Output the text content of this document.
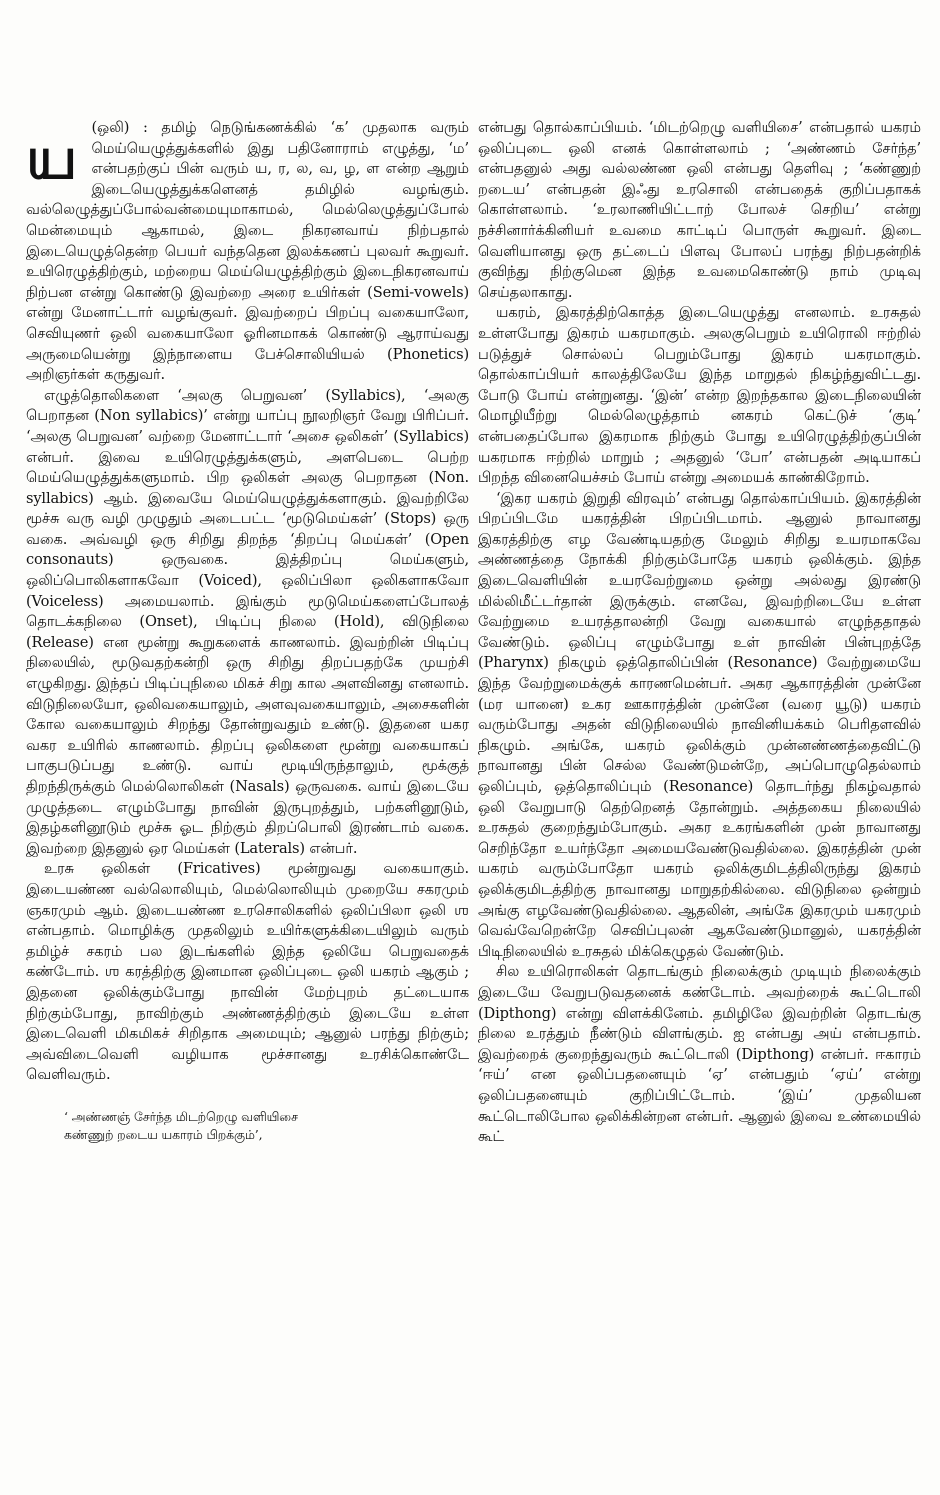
ய	(ஒலி) : தமிழ் நெடுங்கணக்கில் ‘க’ முதலாக வரும் மெய்யெழுத்துக்களில் இது பதினோராம் எழுத்து, ‘ம’ என்பதற்குப் பின் வரும் ய, ர, ல, வ, ழ, ள என்ற ஆறும் இடையெழுத்துக்களெனத் தமிழில் வழங்கும். வல்லெழுத்துப்போல்வன்மையுமாகாமல், மெல்லெழுத்துப்போல் மென்மையும் ஆகாமல், இடை நிகரனவாய் நிற்பதால் இடையெழுத்தென்ற பெயர் வந்ததென இலக்கணப் புலவர் கூறுவர். உயிரெழுத்திற்கும், மற்றைய மெய்யெழுத்திற்கும் இடைநிகரனவாய் நிற்பன என்று கொண்டு இவற்றை அரை உயிர்கள் (Semi-vowels) என்று மேனாட்டார் வழங்குவர். இவற்றைப் பிறப்பு வகையாலோ, செவியுணர் ஒலி வகையாலோ ஓரினமாகக் கொண்டு ஆராய்வது அருமையென்று இந்நாளைய பேச்சொலியியல் (Phonetics) அறிஞர்கள் கருதுவர்.

எழுத்தொலிகளை ‘அலகு பெறுவன’ (Syllabics), ‘அலகு பெறாதன (Non syllabics)’ என்று யாப்பு நூலறிஞர் வேறு பிரிப்பர். ‘அலகு பெறுவன’ வற்றை மேனாட்டார் ‘அசை ஒலிகள்’ (Syllabics) என்பர். இவை உயிரெழுத்துக்களும், அளபெடை பெற்ற மெய்யெழுத்துக்களுமாம். பிற ஒலிகள் அலகு பெறாதன (Non. syllabics) ஆம். இவையே மெய்யெழுத்துக்களாகும். இவற்றிலே மூச்சு வரு வழி முழுதும் அடைபட்ட ‘மூடுமெய்கள்’ (Stops) ஒரு வகை. அவ்வழி ஒரு சிறிது திறந்த ‘திறப்பு மெய்கள்’ (Open consonauts) ஒருவகை. இத்திறப்பு மெய்களும், ஒலிப்பொலிகளாகவோ (Voiced), ஒலிப்பிலா ஒலிகளாகவோ (Voiceless) அமையலாம். இங்கும் மூடுமெய்களைப்போலத் தொடக்கநிலை (Onset), பிடிப்பு நிலை (Hold), விடுநிலை (Release) என மூன்று கூறுகளைக் காணலாம். இவற்றின் பிடிப்பு நிலையில், மூடுவதற்கன்றி ஒரு சிறிது திறப்பதற்கே முயற்சி எழுகிறது. இந்தப் பிடிப்புநிலை மிகச் சிறு கால அளவினது எனலாம். விடுநிலையோ, ஒலிவகையாலும், அளவுவகையாலும், அசைகளின் கோல வகையாலும் சிறந்து தோன்றுவதும் உண்டு. இதனை யகர வகர உயிரில் காணலாம். திறப்பு ஒலிகளை மூன்று வகையாகப் பாகுபடுப்பது உண்டு. வாய் மூடியிருந்தாலும், மூக்குத் திறந்திருக்கும் மெல்லொலிகள் (Nasals) ஒருவகை. வாய் இடையே முழுத்தடை எழும்போது நாவின் இருபுறத்தும், பற்களினூடும், இதழ்களினூடும் மூச்சு ஓட நிற்கும் திறப்பொலி இரண்டாம் வகை. இவற்றை இதனுல் ஒர மெய்கள் (Laterals) என்பர்.

உரசு ஒலிகள் (Fricatives) மூன்றுவது வகையாகும். இடையண்ண வல்லொலியும், மெல்லொலியும் முறையே சகரமும் ஞகரமும் ஆம். இடையண்ண உரசொலிகளில் ஒலிப்பிலா ஒலி ஶ என்பதாம். மொழிக்கு முதலிலும் உயிர்களுக்கிடையிலும் வரும் தமிழ்ச் சகரம் பல இடங்களில் இந்த ஒலியே பெறுவதைக் கண்டோம். ஶ கரத்திற்கு இனமான ஒலிப்புடை ஒலி யகரம் ஆகும் ; இதனை ஒலிக்கும்போது நாவின் மேற்புறம் தட்டையாக நிற்கும்போது, நாவிற்கும் அண்ணத்திற்கும் இடையே உள்ள இடைவெளி மிகமிகச் சிறிதாக அமையும்; ஆனுல் பரந்து நிற்கும்; அவ்விடைவெளி வழியாக மூச்சானது உரசிக்கொண்டே வெளிவரும்.

‘ அண்ணஞ் சேர்ந்த மிடற்றெழு வளியிசை
கண்ணுற் றடைய யகாரம் பிறக்கும்’,

என்பது தொல்காப்பியம். ‘மிடற்றெழு வளியிசை’ என்பதால் யகரம் ஒலிப்புடை ஒலி எனக் கொள்ளலாம் ; ‘அண்ணம் சேர்ந்த’ என்பதனுல் அது வல்லண்ண ஒலி என்பது தெளிவு ; ‘கண்ணுற் றடைய’ என்பதன் இஃது உரசொலி என்பதைக் குறிப்பதாகக் கொள்ளலாம். ‘உரலாணியிட்டாற் போலச் செறிய’ என்று நச்சினார்க்கினியர் உவமை காட்டிப் பொருள் கூறுவர். இடை வெளியானது ஒரு தட்டைப் பிளவு போலப் பரந்து நிற்பதன்றிக் குவிந்து நிற்குமென இந்த உவமைகொண்டு நாம் முடிவு செய்தலாகாது.

யகரம், இகரத்திற்கொத்த இடையெழுத்து எனலாம். உரசுதல் உள்ளபோது இகரம் யகரமாகும். அலகுபெறும் உயிரொலி ஈற்றில் படுத்துச் சொல்லப் பெறும்போது இகரம் யகரமாகும். தொல்காப்பியர் காலத்திலேயே இந்த மாறுதல் நிகழ்ந்துவிட்டது. போடு போய் என்றுனது. ‘இன்’ என்ற இறந்தகால இடைநிலையின் மொழியீற்று மெல்லெழுத்தாம் னகரம் கெட்டுச் ‘குடி’ என்பதைப்போல இகரமாக நிற்கும் போது உயிரெழுத்திற்குப்பின் யகரமாக ஈற்றில் மாறும் ; அதனுல் ‘போ’ என்பதன் அடியாகப் பிறந்த வினையெச்சம் போய் என்று அமையக் காண்கிறோம்.

‘இகர யகரம் இறுதி விரவும்’ என்பது தொல்காப்பியம். இகரத்தின் பிறப்பிடமே யகரத்தின் பிறப்பிடமாம். ஆனுல் நாவானது இகரத்திற்கு எழ வேண்டியதற்கு மேலும் சிறிது உயரமாகவே அண்ணத்தை நோக்கி நிற்கும்போதே யகரம் ஒலிக்கும். இந்த இடைவெளியின் உயரவேற்றுமை ஒன்று அல்லது இரண்டு மில்லிமீட்டர்தான் இருக்கும். எனவே, இவற்றிடையே உள்ள வேற்றுமை உயரத்தாலன்றி வேறு வகையால் எழுந்ததாதல் வேண்டும். ஒலிப்பு எழும்போது உள் நாவின் பின்புறத்தே (Pharynx) நிகழும் ஒத்தொலிப்பின் (Resonance) வேற்றுமையே இந்த வேற்றுமைக்குக் காரணமென்பர். அகர ஆகாரத்தின் முன்னே (மர யானை) உகர ஊகாரத்தின் முன்னே (வரை யூடு) யகரம் வரும்போது அதன் விடுநிலையில் நாவினியக்கம் பெரிதளவில் நிகழும். அங்கே, யகரம் ஒலிக்கும் முன்னண்ணத்தைவிட்டு நாவானது பின் செல்ல வேண்டுமன்றே, அப்பொழுதெல்லாம் ஒலிப்பும், ஒத்தொலிப்பும் (Resonance) தொடர்ந்து நிகழ்வதால் ஒலி வேறுபாடு தெற்றெனத் தோன்றும். அத்தகைய நிலையில் உரசுதல் குறைந்தும்போகும். அகர உகரங்களின் முன் நாவானது செறிந்தோ உயர்ந்தோ அமையவேண்டுவதில்லை. இகரத்தின் முன் யகரம் வரும்போதோ யகரம் ஒலிக்குமிடத்திலிருந்து இகரம் ஒலிக்குமிடத்திற்கு நாவானது மாறுதற்கில்லை. விடுநிலை ஒன்றும் அங்கு எழவேண்டுவதில்லை. ஆதலின், அங்கே இகரமும் யகரமும் வெவ்வேறென்றே செவிப்புலன் ஆகவேண்டுமானுல், யகரத்தின் பிடிநிலையில் உரசுதல் மிக்கெழுதல் வேண்டும்.

சில உயிரொலிகள் தொடங்கும் நிலைக்கும் முடியும் நிலைக்கும் இடையே வேறுபடுவதனைக் கண்டோம். அவற்றைக் கூட்டொலி (Dipthong) என்று விளக்கினேம். தமிழிலே இவற்றின் தொடங்கு நிலை உரத்தும் நீண்டும் விளங்கும். ஐ என்பது அய் என்பதாம். இவற்றைக் குறைந்துவரும் கூட்டொலி (Dipthong) என்பர். ஈகாரம் ‘ஈய்’ என ஒலிப்பதனையும் ‘ஏ’ என்பதும் ‘ஏய்’ என்று ஒலிப்பதனையும் குறிப்பிட்டோம். ‘இய்’ முதலியன கூட்டொலிபோல ஒலிக்கின்றன என்பர். ஆனுல் இவை உண்மையில் கூட்
